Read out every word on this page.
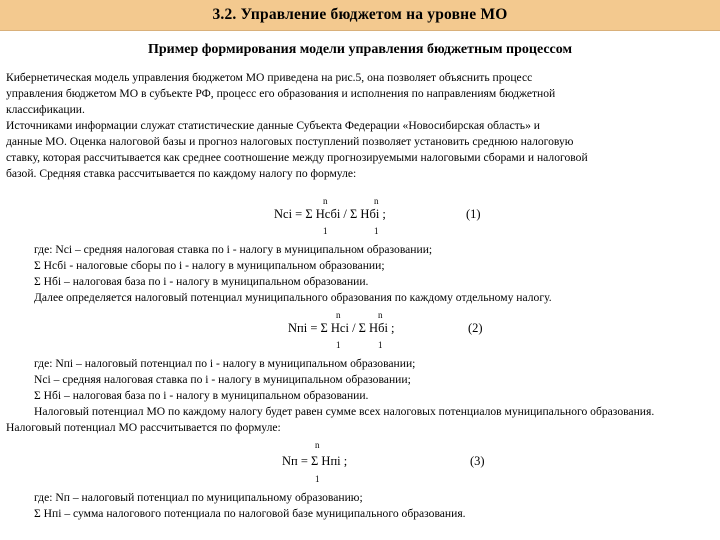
3.2. Управление бюджетом на уровне МО
Пример формирования модели управления бюджетным процессом
Кибернетическая модель управления бюджетом МО приведена на рис.5, она позволяет объяснить процесс
управления бюджетом МО в субъекте РФ, процесс его образования и исполнения по направлениям бюджетной
классификации.
Источниками информации служат статистические данные Субъекта Федерации «Новосибирская область» и
данные МО. Оценка налоговой базы и прогноз налоговых поступлений позволяет установить среднюю налоговую
ставку, которая рассчитывается как среднее соотношение между прогнозируемыми налоговыми сборами и налоговой
базой. Средняя ставка рассчитывается по каждому налогу по формуле:
n	n
Nci = Σ Нсбi / Σ Нбi ;	(1)
1	1
где: Nci – средняя налоговая ставка по i - налогу в муниципальном образовании;
Σ Нсбi - налоговые сборы по i - налогу в муниципальном образовании;
Σ Нбi – налоговая база по i - налогу в муниципальном образовании.
Далее определяется налоговый потенциал муниципального образования по каждому отдельному налогу.
n	n
Nпi = Σ Нci / Σ Нбi ;	(2)
1	1
где: Nпi – налоговый потенциал по i - налогу в муниципальном образовании;
Nci – средняя налоговая ставка по i - налогу в муниципальном образовании;
Σ Нбi – налоговая база по i - налогу в муниципальном образовании.
Налоговый потенциал МО по каждому налогу будет равен сумме всех налоговых потенциалов муниципального образования.
Налоговый потенциал МО рассчитывается по формуле:
n
Nп = Σ Нпi ;	(3)
1
где: Nп – налоговый потенциал по муниципальному образованию;
Σ Нпi – сумма налогового потенциала по налоговой базе муниципального образования.
